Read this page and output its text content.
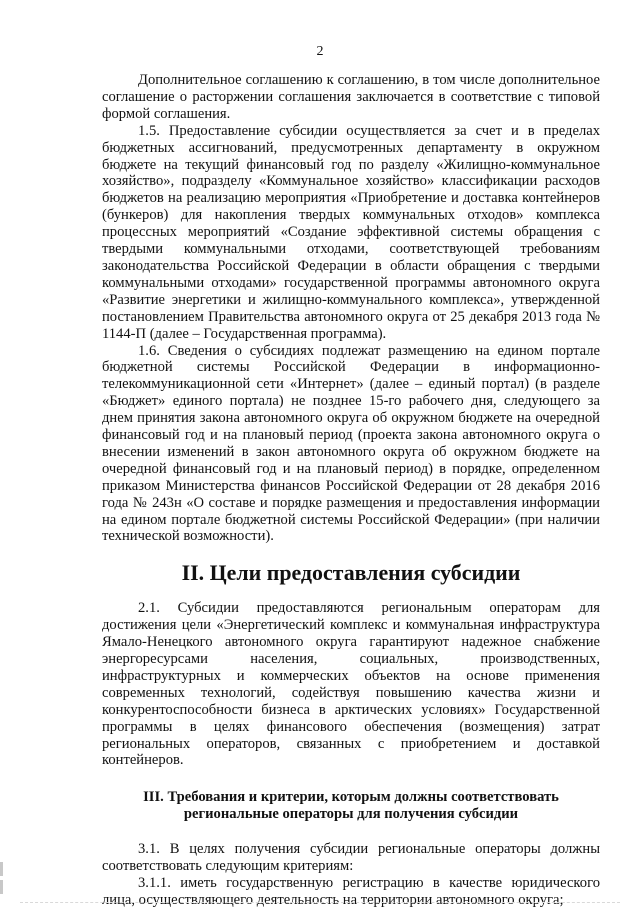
2

Дополнительное соглашению к соглашению, в том числе дополнительное соглашение о расторжении соглашения заключается в соответствие с типовой формой соглашения.

1.5. Предоставление субсидии осуществляется за счет и в пределах бюджетных ассигнований, предусмотренных департаменту в окружном бюджете на текущий финансовый год по разделу «Жилищно-коммунальное хозяйство», подразделу «Коммунальное хозяйство» классификации расходов бюджетов на реализацию мероприятия «Приобретение и доставка контейнеров (бункеров) для накопления твердых коммунальных отходов» комплекса процессных мероприятий «Создание эффективной системы обращения с твердыми коммунальными отходами, соответствующей требованиям законодательства Российской Федерации в области обращения с твердыми коммунальными отходами» государственной программы автономного округа «Развитие энергетики и жилищно-коммунального комплекса», утвержденной постановлением Правительства автономного округа от 25 декабря 2013 года № 1144-П (далее – Государственная программа).

1.6. Сведения о субсидиях подлежат размещению на едином портале бюджетной системы Российской Федерации в информационно-телекоммуникационной сети «Интернет» (далее – единый портал) (в разделе «Бюджет» единого портала) не позднее 15-го рабочего дня, следующего за днем принятия закона автономного округа об окружном бюджете на очередной финансовый год и на плановый период (проекта закона автономного округа о внесении изменений в закон автономного округа об окружном бюджете на очередной финансовый год и на плановый период) в порядке, определенном приказом Министерства финансов Российской Федерации от 28 декабря 2016 года № 243н «О составе и порядке размещения и предоставления информации на едином портале бюджетной системы Российской Федерации» (при наличии технической возможности).

II. Цели предоставления субсидии

2.1. Субсидии предоставляются региональным операторам для достижения цели «Энергетический комплекс и коммунальная инфраструктура Ямало-Ненецкого автономного округа гарантируют надежное снабжение энергоресурсами населения, социальных, производственных, инфраструктурных и коммерческих объектов на основе применения современных технологий, содействуя повышению качества жизни и конкурентоспособности бизнеса в арктических условиях» Государственной программы в целях финансового обеспечения (возмещения) затрат региональных операторов, связанных с приобретением и доставкой контейнеров.

III. Требования и критерии, которым должны соответствовать
региональные операторы для получения субсидии

3.1. В целях получения субсидии региональные операторы должны соответствовать следующим критериям:

3.1.1. иметь государственную регистрацию в качестве юридического лица, осуществляющего деятельность на территории автономного округа;
